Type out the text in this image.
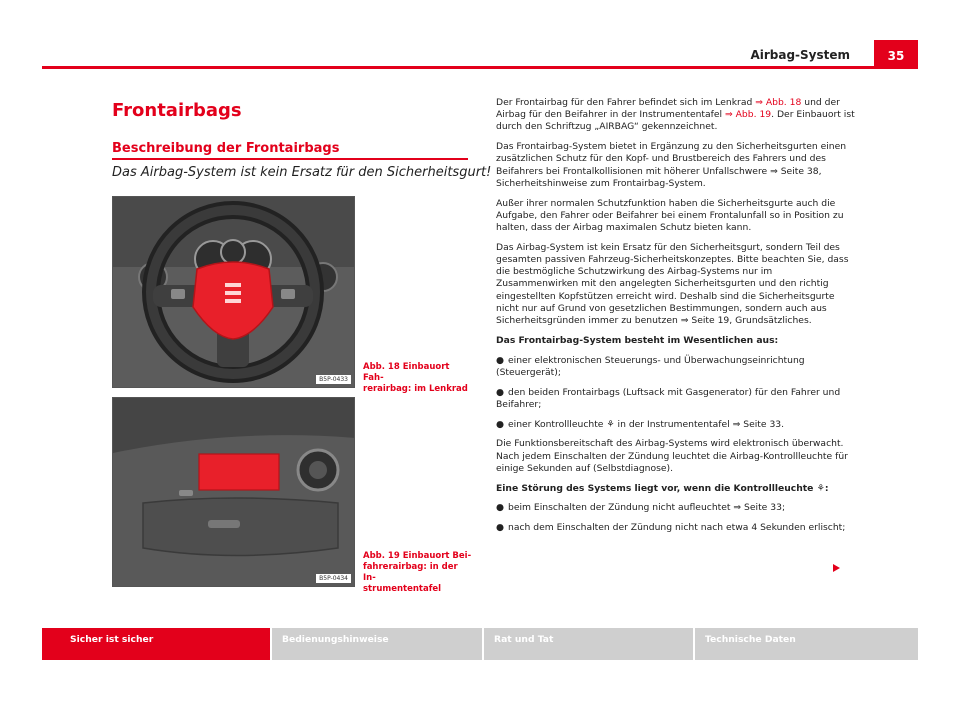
Airbag-System	35
Frontairbags
Beschreibung der Frontairbags
Das Airbag-System ist kein Ersatz für den Sicherheitsgurt!
B5P-0433
Abb. 18 Einbauort Fah-
rerairbag: im Lenkrad
B5P-0434
Abb. 19 Einbauort Bei-
fahrerairbag: in der In-
strumententafel

Der Frontairbag für den Fahrer befindet sich im Lenkrad ⇒ Abb. 18 und der Airbag für den Beifahrer in der Instrumententafel ⇒ Abb. 19. Der Einbauort ist durch den Schriftzug „AIRBAG“ gekennzeichnet.

Das Frontairbag-System bietet in Ergänzung zu den Sicherheitsgurten einen zusätzlichen Schutz für den Kopf- und Brustbereich des Fahrers und des Beifahrers bei Frontalkollisionen mit höherer Unfallschwere ⇒ Seite 38, Sicherheitshinweise zum Frontairbag-System.

Außer ihrer normalen Schutzfunktion haben die Sicherheitsgurte auch die Aufgabe, den Fahrer oder Beifahrer bei einem Frontalunfall so in Position zu halten, dass der Airbag maximalen Schutz bieten kann.

Das Airbag-System ist kein Ersatz für den Sicherheitsgurt, sondern Teil des gesamten passiven Fahrzeug-Sicherheitskonzeptes. Bitte beachten Sie, dass die bestmögliche Schutzwirkung des Airbag-Systems nur im Zusammenwirken mit den angelegten Sicherheitsgurten und den richtig eingestellten Kopfstützen erreicht wird. Deshalb sind die Sicherheitsgurte nicht nur auf Grund von gesetzlichen Bestimmungen, sondern auch aus Sicherheitsgründen immer zu benutzen ⇒ Seite 19, Grundsätzliches.

Das Frontairbag-System besteht im Wesentlichen aus:

● einer elektronischen Steuerungs- und Überwachungseinrichtung (Steuergerät);

● den beiden Frontairbags (Luftsack mit Gasgenerator) für den Fahrer und Beifahrer;

● einer Kontrollleuchte ⚘ in der Instrumententafel ⇒ Seite 33.

Die Funktionsbereitschaft des Airbag-Systems wird elektronisch überwacht. Nach jedem Einschalten der Zündung leuchtet die Airbag-Kontrollleuchte für einige Sekunden auf (Selbstdiagnose).

Eine Störung des Systems liegt vor, wenn die Kontrollleuchte ⚘:

● beim Einschalten der Zündung nicht aufleuchtet ⇒ Seite 33;

● nach dem Einschalten der Zündung nicht nach etwa 4 Sekunden erlischt;

Sicher ist sicher	Bedienungshinweise	Rat und Tat	Technische Daten
